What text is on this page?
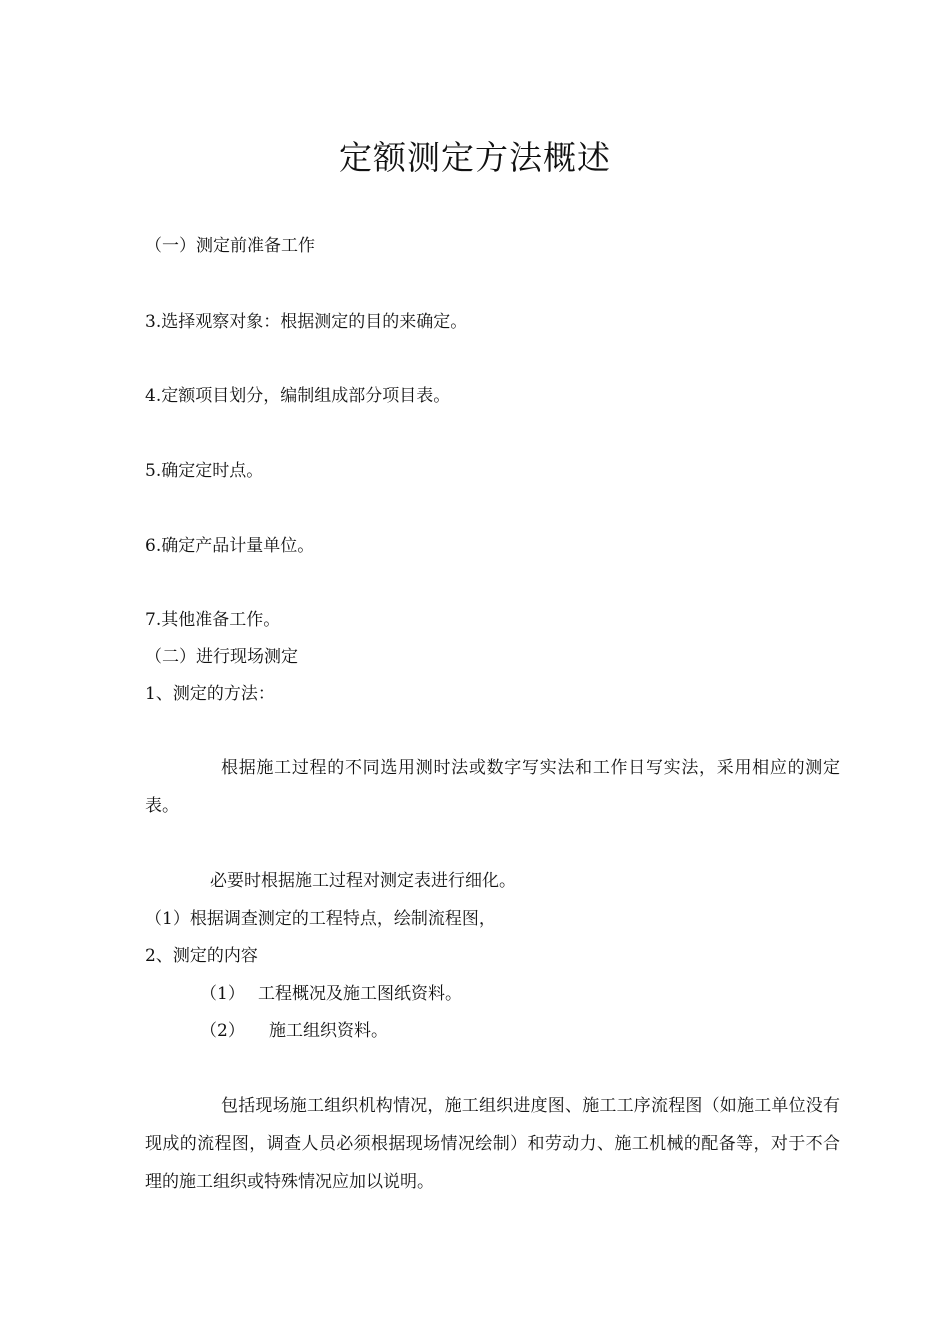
定额测定方法概述
（一）测定前准备工作
3.选择观察对象：根据测定的目的来确定。
4.定额项目划分，编制组成部分项目表。
5.确定定时点。
6.确定产品计量单位。
7.其他准备工作。
（二）进行现场测定
1、测定的方法：
根据施工过程的不同选用测时法或数字写实法和工作日写实法，采用相应的测定表。
必要时根据施工过程对测定表进行细化。
（1）根据调查测定的工程特点，绘制流程图，
2、测定的内容
（1） 工程概况及施工图纸资料。
（2） 施工组织资料。
包括现场施工组织机构情况，施工组织进度图、施工工序流程图（如施工单位没有现成的流程图，调查人员必须根据现场情况绘制）和劳动力、施工机械的配备等，对于不合理的施工组织或特殊情况应加以说明。
